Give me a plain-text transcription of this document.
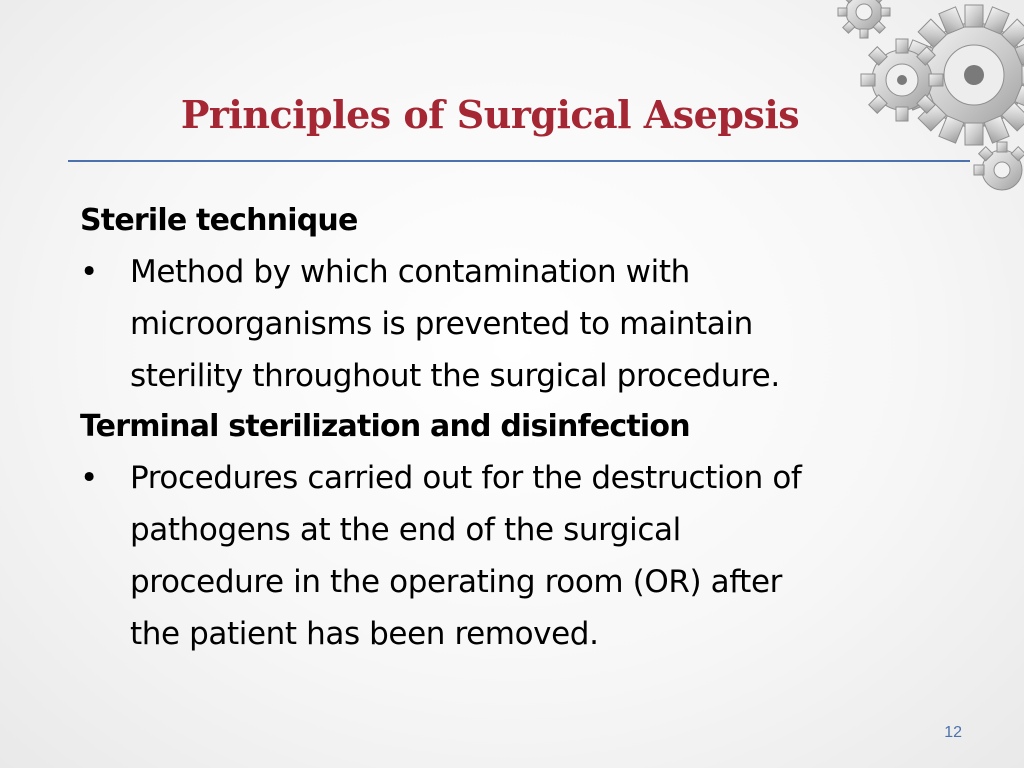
Principles of Surgical Asepsis
Sterile technique
•	Method by which contamination with
microorganisms is prevented to maintain
sterility throughout the surgical procedure.
Terminal sterilization and disinfection
•	Procedures carried out for the destruction of
pathogens at the end of the surgical
procedure in the operating room (OR) after
the patient has been removed.
12
